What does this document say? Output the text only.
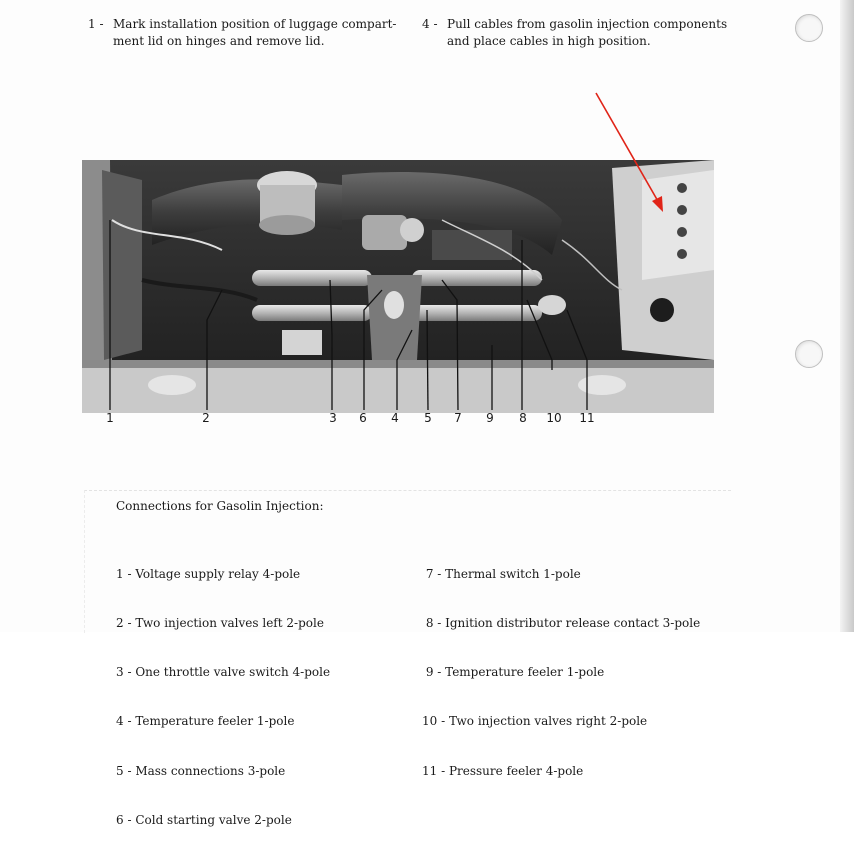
1 - Mark installation position of luggage compart-
ment lid on hinges and remove lid.
4 - Pull cables from gasolin injection components
and place cables in high position.
1	2	3	6	4	5	7	9	8	10 11
Connections for Gasolin Injection:

1 - Voltage supply relay 4-pole

2 - Two injection valves left 2-pole

3 - One throttle valve switch 4-pole

4 - Temperature feeler 1-pole

5 - Mass connections 3-pole

6 - Cold starting valve 2-pole

7 - Thermal switch 1-pole

8 - Ignition distributor release contact 3-pole

9 - Temperature feeler 1-pole

10 - Two injection valves right 2-pole

11 - Pressure feeler 4-pole
